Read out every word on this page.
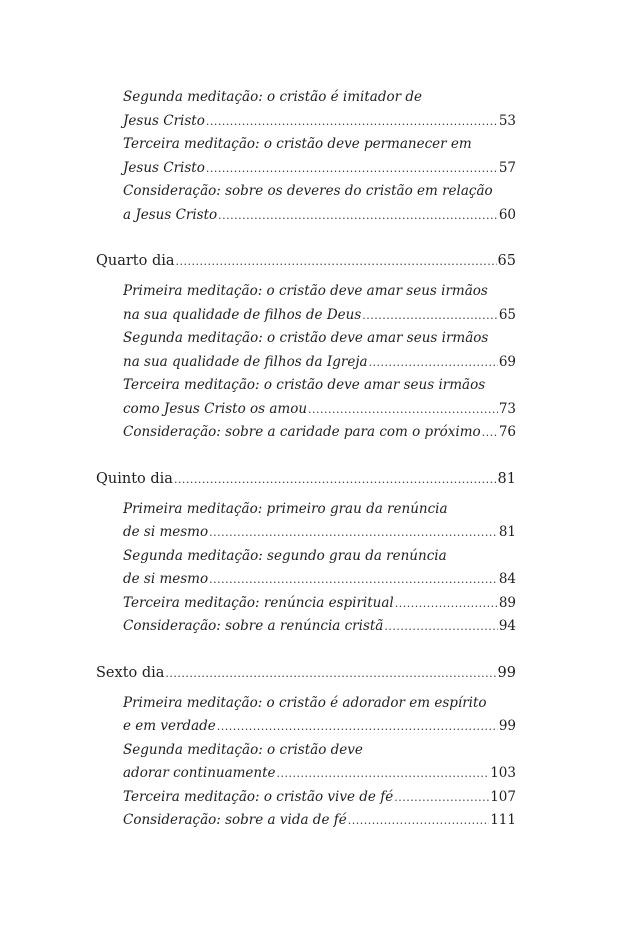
Segunda meditação: o cristão é imitador de
Jesus Cristo .....	53
Terceira meditação: o cristão deve permanecer em
Jesus Cristo .....	57
Consideração: sobre os deveres do cristão em relação
a Jesus Cristo .....	60
Quarto dia .....	65
Primeira meditação: o cristão deve amar seus irmãos
na sua qualidade de filhos de Deus .....	65
Segunda meditação: o cristão deve amar seus irmãos
na sua qualidade de filhos da Igreja .....	69
Terceira meditação: o cristão deve amar seus irmãos
como Jesus Cristo os amou .....	73
Consideração: sobre a caridade para com o próximo ..... 76
Quinto dia .....	81
Primeira meditação: primeiro grau da renúncia
de si mesmo .....	81
Segunda meditação: segundo grau da renúncia
de si mesmo .....	84
Terceira meditação: renúncia espiritual .....	89
Consideração: sobre a renúncia cristã .....	94
Sexto dia .....	99
Primeira meditação: o cristão é adorador em espírito
e em verdade .....	99
Segunda meditação: o cristão deve
adorar continuamente .....	103
Terceira meditação: o cristão vive de fé .....	107
Consideração: sobre a vida de fé .....	111
